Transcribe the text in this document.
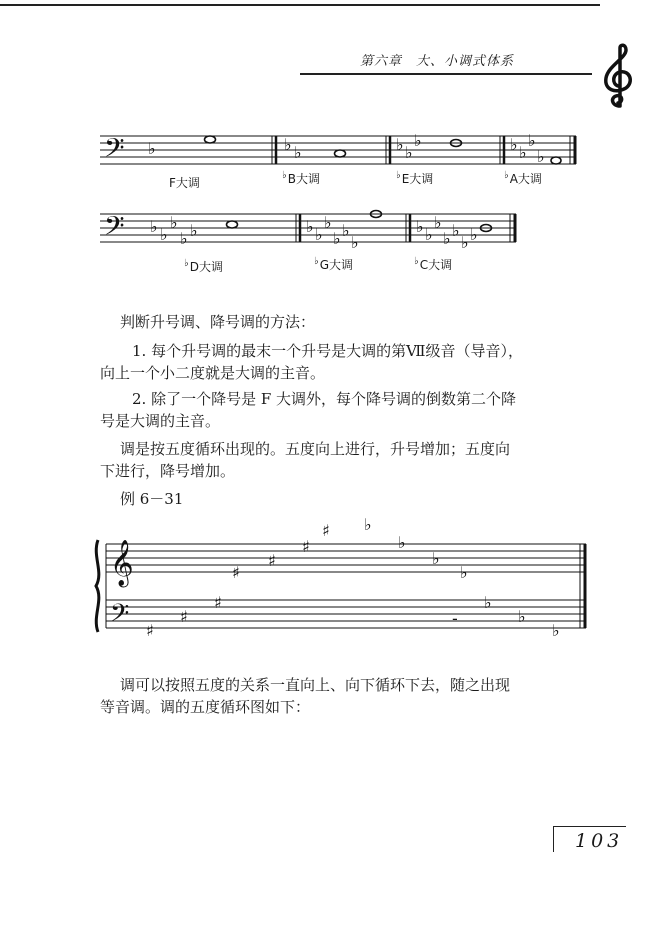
第六章　大、小调式体系
𝄢 ♭	♭ ♭	♭ ♭
♭	♭ ♭
♭
♭
F大调
♭B大调	♭E大调	♭A大调
𝄢 ♭ ♭
♭
♭ ♭	♭ ♭
♭
♭ ♭
♭
♭ ♭
♭
♭ ♭
♭ ♭
♭D大调	♭G大调	♭C大调
判断升号调、降号调的方法：
1. 每个升号调的最末一个升号是大调的第Ⅶ级音（导音），
向上一个小二度就是大调的主音。
2. 除了一个降号是 F 大调外，每个降号调的倒数第二个降
号是大调的主音。
调是按五度循环出现的。五度向上进行，升号增加；五度向
下进行，降号增加。
例 6－31
𝄞
𝄢
♯
♯
♯
♯ ♭
♭
♭
♭
♯
♯
♯
-
♭
♭
♭
调可以按照五度的关系一直向上、向下循环下去，随之出现
等音调。调的五度循环图如下：
103
